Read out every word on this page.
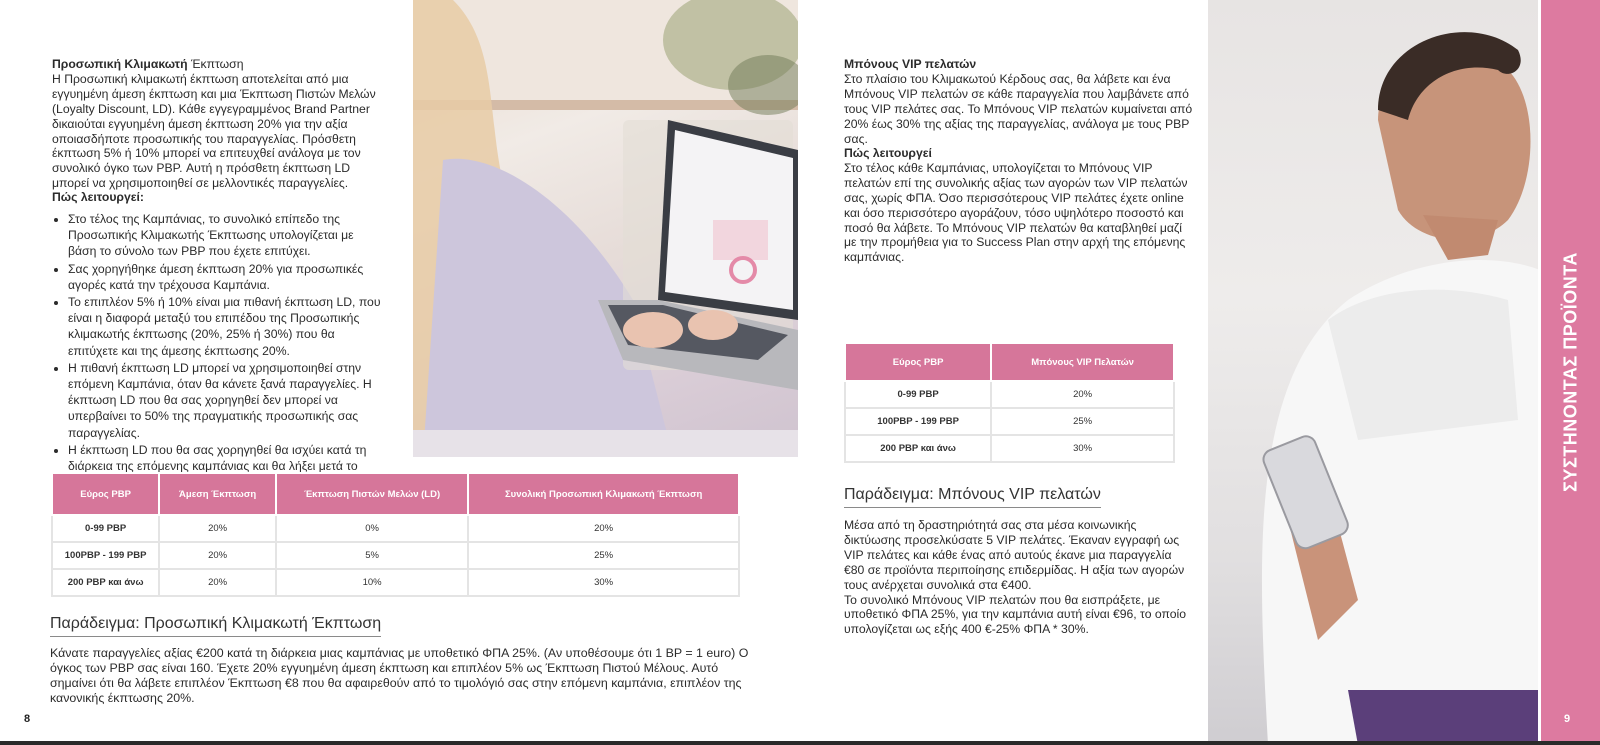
Προσωπική Κλιμακωτή Έκπτωση

Η Προσωπική κλιμακωτή έκπτωση αποτελείται από μια εγγυημένη άμεση έκπτωση και μια Έκπτωση Πιστών Μελών (Loyalty Discount, LD). Κάθε εγγεγραμμένος Brand Partner δικαιούται εγγυημένη άμεση έκπτωση 20% για την αξία οποιασδήποτε προσωπικής του παραγγελίας. Πρόσθετη έκπτωση 5% ή 10% μπορεί να επιτευχθεί ανάλογα με τον συνολικό όγκο των PBP. Αυτή η πρόσθετη έκπτωση LD μπορεί να χρησιμοποιηθεί σε μελλοντικές παραγγελίες.

Πώς λειτουργεί:

• Στο τέλος της Καμπάνιας, το συνολικό επίπεδο της Προσωπικής Κλιμακωτής Έκπτωσης υπολογίζεται με βάση το σύνολο των PBP που έχετε επιτύχει.
• Σας χορηγήθηκε άμεση έκπτωση 20% για προσωπικές αγορές κατά την τρέχουσα Καμπάνια.
• Το επιπλέον 5% ή 10% είναι μια πιθανή έκπτωση LD, που είναι η διαφορά μεταξύ του επιπέδου της Προσωπικής κλιμακωτής έκπτωσης (20%, 25% ή 30%) που θα επιτύχετε και της άμεσης έκπτωσης 20%.
• Η πιθανή έκπτωση LD μπορεί να χρησιμοποιηθεί στην επόμενη Καμπάνια, όταν θα κάνετε ξανά παραγγελίες. Η έκπτωση LD που θα σας χορηγηθεί δεν μπορεί να υπερβαίνει το 50% της πραγματικής προσωπικής σας παραγγελίας.
• Η έκπτωση LD που θα σας χορηγηθεί θα ισχύει κατά τη διάρκεια της επόμενης καμπάνιας και θα λήξει μετά το
Εύρος PBP	Άμεση Έκπτωση	Έκπτωση Πιστών Μελών (LD)	Συνολική Προσωπική Κλιμακωτή Έκπτωση
0-99 PBP	20%	0%	20%
100PBP - 199 PBP	20%	5%	25%
200 PBP και άνω	20%	10%	30%
Παράδειγμα: Προσωπική Κλιμακωτή Έκπτωση

Κάνατε παραγγελίες αξίας €200 κατά τη διάρκεια μιας καμπάνιας με υποθετικό ΦΠΑ 25%. (Αν υποθέσουμε ότι 1 BP = 1 euro) Ο όγκος των PBP σας είναι 160. Έχετε 20% εγγυημένη άμεση έκπτωση και επιπλέον 5% ως Έκπτωση Πιστού Μέλους. Αυτό σημαίνει ότι θα λάβετε επιπλέον Έκπτωση €8 που θα αφαιρεθούν από το τιμολόγιό σας στην επόμενη καμπάνια, επιπλέον της κανονικής έκπτωσης 20%.

8

Μπόνους VIP πελατών

Στο πλαίσιο του Κλιμακωτού Κέρδους σας, θα λάβετε και ένα Μπόνους VIP πελατών σε κάθε παραγγελία που λαμβάνετε από τους VIP πελάτες σας. Το Μπόνους VIP πελατών κυμαίνεται από 20% έως 30% της αξίας της παραγγελίας, ανάλογα με τους PBP σας.

Πώς λειτουργεί

Στο τέλος κάθε Καμπάνιας, υπολογίζεται το Μπόνους VIP πελατών επί της συνολικής αξίας των αγορών των VIP πελατών σας, χωρίς ΦΠΑ. Όσο περισσότερους VIP πελάτες έχετε online και όσο περισσότερο αγοράζουν, τόσο υψηλότερο ποσοστό και ποσό θα λάβετε. Το Μπόνους VIP πελατών θα καταβληθεί μαζί με την προμήθεια για το Success Plan στην αρχή της επόμενης καμπάνιας.

Εύρος PBP	Μπόνους VIP Πελατών
0-99 PBP	20%
100PBP - 199 PBP	25%
200 PBP και άνω	30%
Παράδειγμα: Μπόνους VIP πελατών

Μέσα από τη δραστηριότητά σας στα μέσα κοινωνικής δικτύωσης προσελκύσατε 5 VIP πελάτες. Έκαναν εγγραφή ως VIP πελάτες και κάθε ένας από αυτούς έκανε μια παραγγελία €80 σε προϊόντα περιποίησης επιδερμίδας. Η αξία των αγορών τους ανέρχεται συνολικά στα €400.

Το συνολικό Μπόνους VIP πελατών που θα εισπράξετε, με υποθετικό ΦΠΑ 25%, για την καμπάνια αυτή είναι €96, το οποίο υπολογίζεται ως εξής 400 €-25% ΦΠΑ * 30%.

ΣΥΣΤΗΝΟΝΤΑΣ ΠΡΟΪΟΝΤΑ
9
